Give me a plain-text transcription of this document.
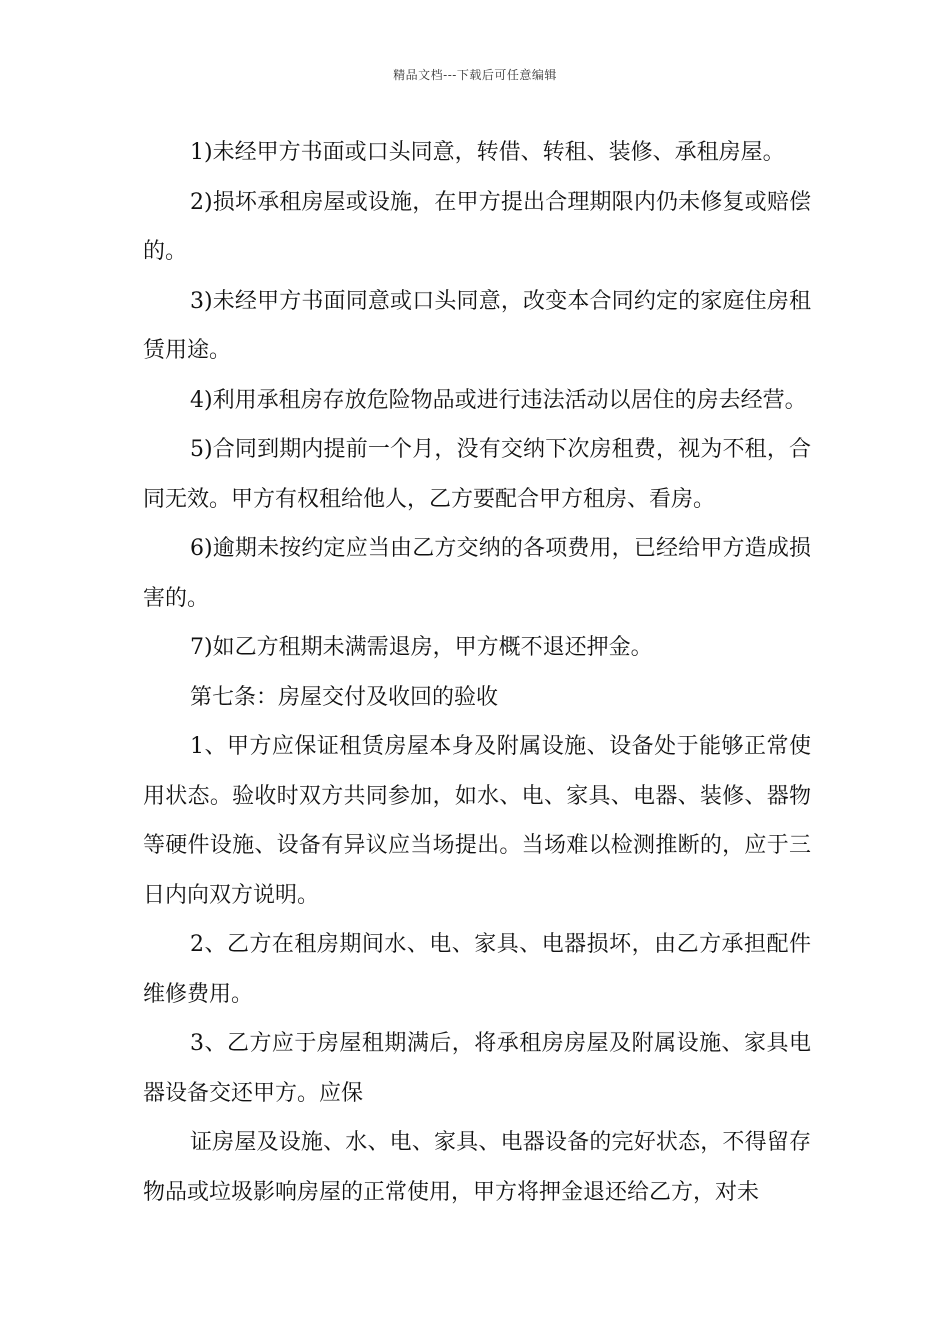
精品文档---下载后可任意编辑

1)未经甲方书面或口头同意，转借、转租、装修、承租房屋。

2)损坏承租房屋或设施，在甲方提出合理期限内仍未修复或赔偿的。

3)未经甲方书面同意或口头同意，改变本合同约定的家庭住房租赁用途。

4)利用承租房存放危险物品或进行违法活动以居住的房去经营。

5)合同到期内提前一个月，没有交纳下次房租费，视为不租，合同无效。甲方有权租给他人，乙方要配合甲方租房、看房。

6)逾期未按约定应当由乙方交纳的各项费用，已经给甲方造成损害的。

7)如乙方租期未满需退房，甲方概不退还押金。

第七条：房屋交付及收回的验收

1、甲方应保证租赁房屋本身及附属设施、设备处于能够正常使用状态。验收时双方共同参加，如水、电、家具、电器、装修、器物等硬件设施、设备有异议应当场提出。当场难以检测推断的，应于三日内向双方说明。

2、乙方在租房期间水、电、家具、电器损坏，由乙方承担配件维修费用。

3、乙方应于房屋租期满后，将承租房房屋及附属设施、家具电器设备交还甲方。应保

证房屋及设施、水、电、家具、电器设备的完好状态，不得留存物品或垃圾影响房屋的正常使用，甲方将押金退还给乙方，对未
